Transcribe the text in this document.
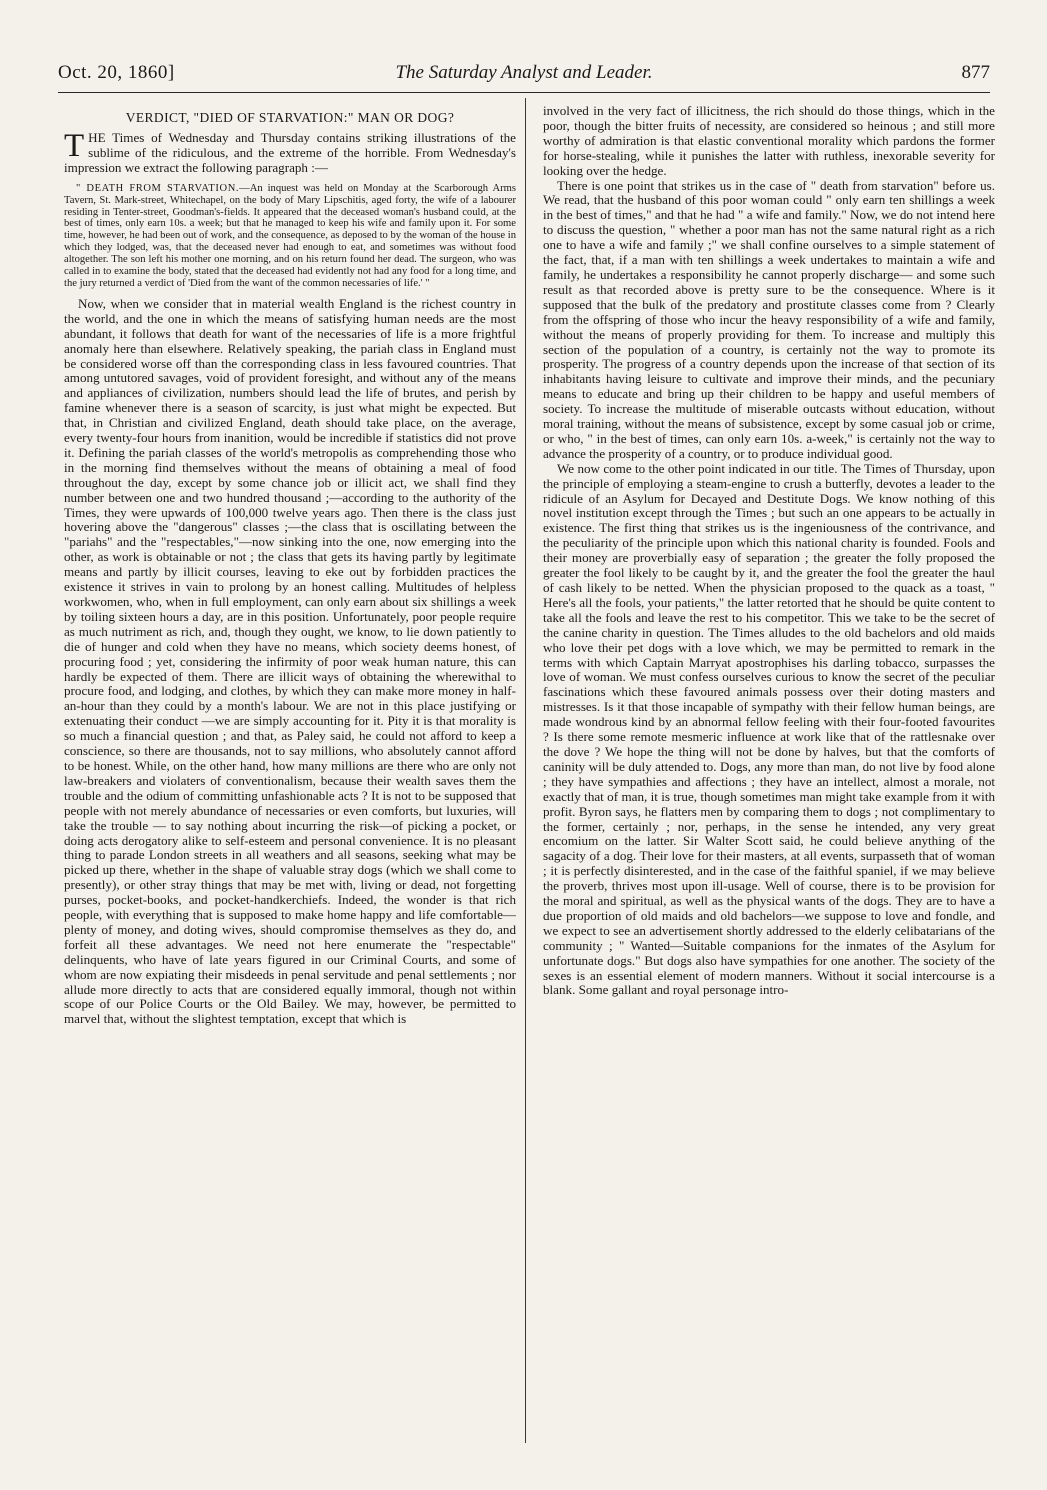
Oct. 20, 1860]	The Saturday Analyst and Leader.	877
VERDICT, "DIED OF STARVATION:" MAN OR DOG?

THE Times of Wednesday and Thursday contains striking illustrations of the sublime of the ridiculous, and the extreme of the horrible. From Wednesday's impression we extract the following paragraph :—

" DEATH FROM STARVATION.—An inquest was held on Monday at the Scarborough Arms Tavern, St. Mark-street, Whitechapel, on the body of Mary Lipschitis, aged forty, the wife of a labourer residing in Tenter-street, Goodman's-fields. It appeared that the deceased woman's husband could, at the best of times, only earn 10s. a week; but that he managed to keep his wife and family upon it. For some time, however, he had been out of work, and the consequence, as deposed to by the woman of the house in which they lodged, was, that the deceased never had enough to eat, and sometimes was without food altogether. The son left his mother one morning, and on his return found her dead. The surgeon, who was called in to examine the body, stated that the deceased had evidently not had any food for a long time, and the jury returned a verdict of 'Died from the want of the common necessaries of life.' "

Now, when we consider that in material wealth England is the richest country in the world, and the one in which the means of satisfying human needs are the most abundant, it follows that death for want of the necessaries of life is a more frightful anomaly here than elsewhere. Relatively speaking, the pariah class in England must be considered worse off than the corresponding class in less favoured countries. That among untutored savages, void of provident foresight, and without any of the means and appliances of civilization, numbers should lead the life of brutes, and perish by famine whenever there is a season of scarcity, is just what might be expected. But that, in Christian and civilized England, death should take place, on the average, every twenty-four hours from inanition, would be incredible if statistics did not prove it. Defining the pariah classes of the world's metropolis as comprehending those who in the morning find themselves without the means of obtaining a meal of food throughout the day, except by some chance job or illicit act, we shall find they number between one and two hundred thousand ;—according to the authority of the Times, they were upwards of 100,000 twelve years ago. Then there is the class just hovering above the "dangerous" classes ;—the class that is oscillating between the "pariahs" and the "respectables,"—now sinking into the one, now emerging into the other, as work is obtainable or not ; the class that gets its having partly by legitimate means and partly by illicit courses, leaving to eke out by forbidden practices the existence it strives in vain to prolong by an honest calling. Multitudes of helpless workwomen, who, when in full employment, can only earn about six shillings a week by toiling sixteen hours a day, are in this position. Unfortunately, poor people require as much nutriment as rich, and, though they ought, we know, to lie down patiently to die of hunger and cold when they have no means, which society deems honest, of procuring food ; yet, considering the infirmity of poor weak human nature, this can hardly be expected of them. There are illicit ways of obtaining the wherewithal to procure food, and lodging, and clothes, by which they can make more money in half-an-hour than they could by a month's labour. We are not in this place justifying or extenuating their conduct —we are simply accounting for it. Pity it is that morality is so much a financial question ; and that, as Paley said, he could not afford to keep a conscience, so there are thousands, not to say millions, who absolutely cannot afford to be honest. While, on the other hand, how many millions are there who are only not law-breakers and violaters of conventionalism, because their wealth saves them the trouble and the odium of committing unfashionable acts ? It is not to be supposed that people with not merely abundance of necessaries or even comforts, but luxuries, will take the trouble — to say nothing about incurring the risk—of picking a pocket, or doing acts derogatory alike to self-esteem and personal convenience. It is no pleasant thing to parade London streets in all weathers and all seasons, seeking what may be picked up there, whether in the shape of valuable stray dogs (which we shall come to presently), or other stray things that may be met with, living or dead, not forgetting purses, pocket-books, and pocket-handkerchiefs. Indeed, the wonder is that rich people, with everything that is supposed to make home happy and life comfortable—plenty of money, and doting wives, should compromise themselves as they do, and forfeit all these advantages. We need not here enumerate the "respectable" delinquents, who have of late years figured in our Criminal Courts, and some of whom are now expiating their misdeeds in penal servitude and penal settlements ; nor allude more directly to acts that are considered equally immoral, though not within scope of our Police Courts or the Old Bailey. We may, however, be permitted to marvel that, without the slightest temptation, except that which is

involved in the very fact of illicitness, the rich should do those things, which in the poor, though the bitter fruits of necessity, are considered so heinous ; and still more worthy of admiration is that elastic conventional morality which pardons the former for horse-stealing, while it punishes the latter with ruthless, inexorable severity for looking over the hedge.

There is one point that strikes us in the case of " death from starvation" before us. We read, that the husband of this poor woman could " only earn ten shillings a week in the best of times," and that he had " a wife and family." Now, we do not intend here to discuss the question, " whether a poor man has not the same natural right as a rich one to have a wife and family ;" we shall confine ourselves to a simple statement of the fact, that, if a man with ten shillings a week undertakes to maintain a wife and family, he undertakes a responsibility he cannot properly discharge— and some such result as that recorded above is pretty sure to be the consequence. Where is it supposed that the bulk of the predatory and prostitute classes come from ? Clearly from the offspring of those who incur the heavy responsibility of a wife and family, without the means of properly providing for them. To increase and multiply this section of the population of a country, is certainly not the way to promote its prosperity. The progress of a country depends upon the increase of that section of its inhabitants having leisure to cultivate and improve their minds, and the pecuniary means to educate and bring up their children to be happy and useful members of society. To increase the multitude of miserable outcasts without education, without moral training, without the means of subsistence, except by some casual job or crime, or who, " in the best of times, can only earn 10s. a-week," is certainly not the way to advance the prosperity of a country, or to produce individual good.

We now come to the other point indicated in our title. The Times of Thursday, upon the principle of employing a steam-engine to crush a butterfly, devotes a leader to the ridicule of an Asylum for Decayed and Destitute Dogs. We know nothing of this novel institution except through the Times ; but such an one appears to be actually in existence. The first thing that strikes us is the ingeniousness of the contrivance, and the peculiarity of the principle upon which this national charity is founded. Fools and their money are proverbially easy of separation ; the greater the folly proposed the greater the fool likely to be caught by it, and the greater the fool the greater the haul of cash likely to be netted. When the physician proposed to the quack as a toast, " Here's all the fools, your patients," the latter retorted that he should be quite content to take all the fools and leave the rest to his competitor. This we take to be the secret of the canine charity in question. The Times alludes to the old bachelors and old maids who love their pet dogs with a love which, we may be permitted to remark in the terms with which Captain Marryat apostrophises his darling tobacco, surpasses the love of woman. We must confess ourselves curious to know the secret of the peculiar fascinations which these favoured animals possess over their doting masters and mistresses. Is it that those incapable of sympathy with their fellow human beings, are made wondrous kind by an abnormal fellow feeling with their four-footed favourites ? Is there some remote mesmeric influence at work like that of the rattlesnake over the dove ? We hope the thing will not be done by halves, but that the comforts of caninity will be duly attended to. Dogs, any more than man, do not live by food alone ; they have sympathies and affections ; they have an intellect, almost a morale, not exactly that of man, it is true, though sometimes man might take example from it with profit. Byron says, he flatters men by comparing them to dogs ; not complimentary to the former, certainly ; nor, perhaps, in the sense he intended, any very great encomium on the latter. Sir Walter Scott said, he could believe anything of the sagacity of a dog. Their love for their masters, at all events, surpasseth that of woman ; it is perfectly disinterested, and in the case of the faithful spaniel, if we may believe the proverb, thrives most upon ill-usage. Well of course, there is to be provision for the moral and spiritual, as well as the physical wants of the dogs. They are to have a due proportion of old maids and old bachelors—we suppose to love and fondle, and we expect to see an advertisement shortly addressed to the elderly celibatarians of the community ; " Wanted—Suitable companions for the inmates of the Asylum for unfortunate dogs." But dogs also have sympathies for one another. The society of the sexes is an essential element of modern manners. Without it social intercourse is a blank. Some gallant and royal personage intro-
